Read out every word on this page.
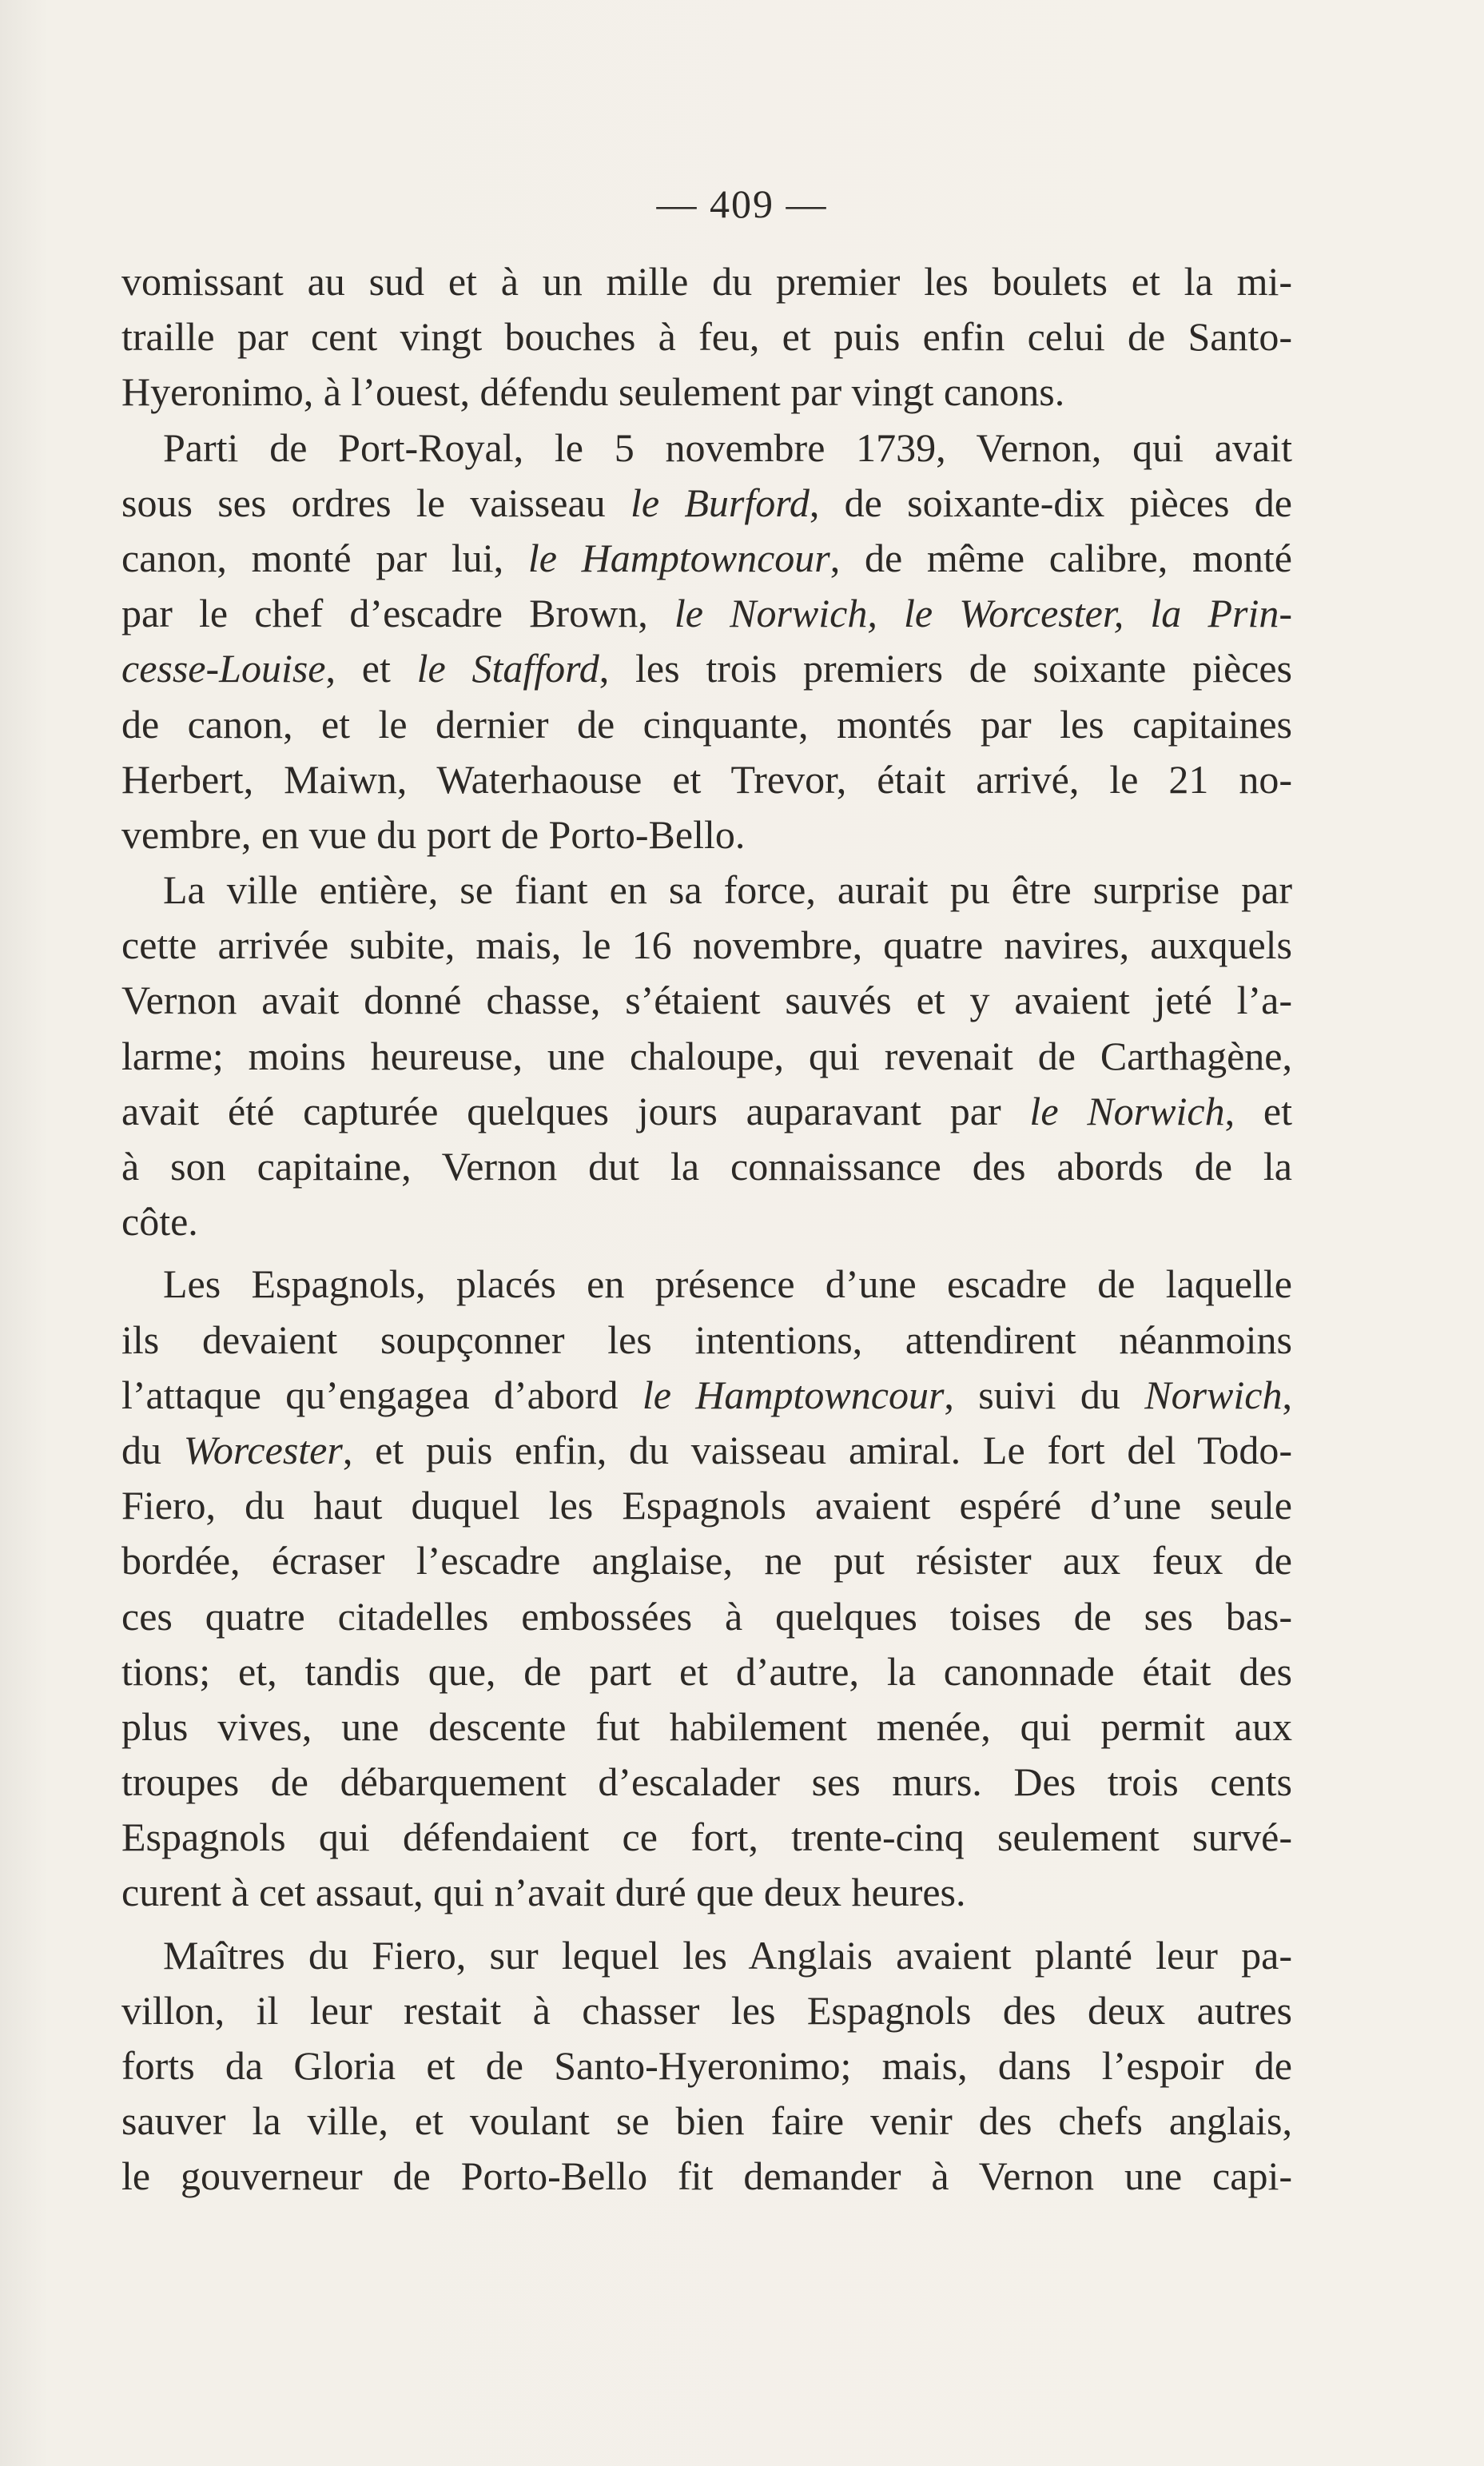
— 409 —
vomissant au sud et à un mille du premier les boulets et la mi-
traille par cent vingt bouches à feu, et puis enfin celui de Santo-
Hyeronimo, à l’ouest, défendu seulement par vingt canons.
Parti de Port-Royal, le 5 novembre 1739, Vernon, qui avait
sous ses ordres le vaisseau le Burford, de soixante-dix pièces de
canon, monté par lui, le Hamptowncour, de même calibre, monté
par le chef d’escadre Brown, le Norwich, le Worcester, la Prin-
cesse-Louise, et le Stafford, les trois premiers de soixante pièces
de canon, et le dernier de cinquante, montés par les capitaines
Herbert, Maiwn, Waterhaouse et Trevor, était arrivé, le 21 no-
vembre, en vue du port de Porto-Bello.
La ville entière, se fiant en sa force, aurait pu être surprise par
cette arrivée subite, mais, le 16 novembre, quatre navires, auxquels
Vernon avait donné chasse, s’étaient sauvés et y avaient jeté l’a-
larme; moins heureuse, une chaloupe, qui revenait de Carthagène,
avait été capturée quelques jours auparavant par le Norwich, et
à son capitaine, Vernon dut la connaissance des abords de la
côte.
Les Espagnols, placés en présence d’une escadre de laquelle
ils devaient soupçonner les intentions, attendirent néanmoins
l’attaque qu’engagea d’abord le Hamptowncour, suivi du Norwich,
du Worcester, et puis enfin, du vaisseau amiral. Le fort del Todo-
Fiero, du haut duquel les Espagnols avaient espéré d’une seule
bordée, écraser l’escadre anglaise, ne put résister aux feux de
ces quatre citadelles embossées à quelques toises de ses bas-
tions; et, tandis que, de part et d’autre, la canonnade était des
plus vives, une descente fut habilement menée, qui permit aux
troupes de débarquement d’escalader ses murs. Des trois cents
Espagnols qui défendaient ce fort, trente-cinq seulement survé-
curent à cet assaut, qui n’avait duré que deux heures.
Maîtres du Fiero, sur lequel les Anglais avaient planté leur pa-
villon, il leur restait à chasser les Espagnols des deux autres
forts da Gloria et de Santo-Hyeronimo; mais, dans l’espoir de
sauver la ville, et voulant se bien faire venir des chefs anglais,
le gouverneur de Porto-Bello fit demander à Vernon une capi-
